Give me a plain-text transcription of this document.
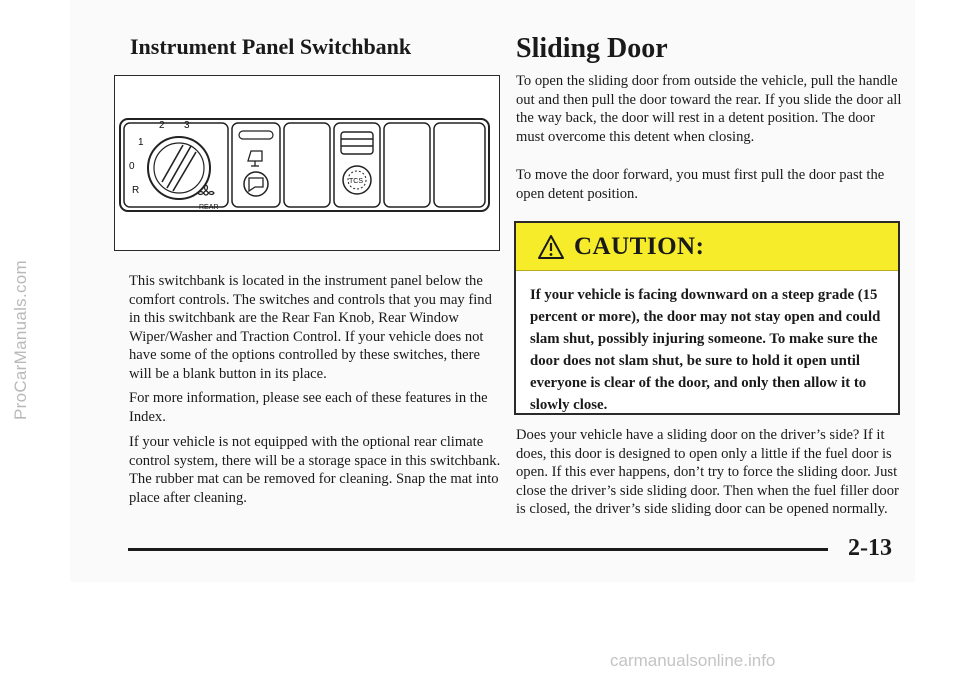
ProCarManuals.com
Instrument Panel Switchbank	Sliding Door
2 3
1
0
R
REAR
TCS

This switchbank is located in the instrument panel below the comfort controls. The switches and controls that you may find in this switchbank are the Rear Fan Knob, Rear Window Wiper/Washer and Traction Control. If your vehicle does not have some of the options controlled by these switches, there will be a blank button in its place.

For more information, please see each of these features in the Index.

If your vehicle is not equipped with the optional rear climate control system, there will be a storage space in this switchbank. The rubber mat can be removed for cleaning. Snap the mat into place after cleaning.

To open the sliding door from outside the vehicle, pull the handle out and then pull the door toward the rear. If you slide the door all the way back, the door will rest in a detent position. The door must overcome this detent when closing.

To move the door forward, you must first pull the door past the open detent position.

CAUTION:

If your vehicle is facing downward on a steep grade (15 percent or more), the door may not stay open and could slam shut, possibly injuring someone. To make sure the door does not slam shut, be sure to hold it open until everyone is clear of the door, and only then allow it to slowly close.

Does your vehicle have a sliding door on the driver’s side? If it does, this door is designed to open only a little if the fuel door is open. If this ever happens, don’t try to force the sliding door. Just close the driver’s side sliding door. Then when the fuel filler door is closed, the driver’s side sliding door can be opened normally.

2-13
carmanualsonline.info
